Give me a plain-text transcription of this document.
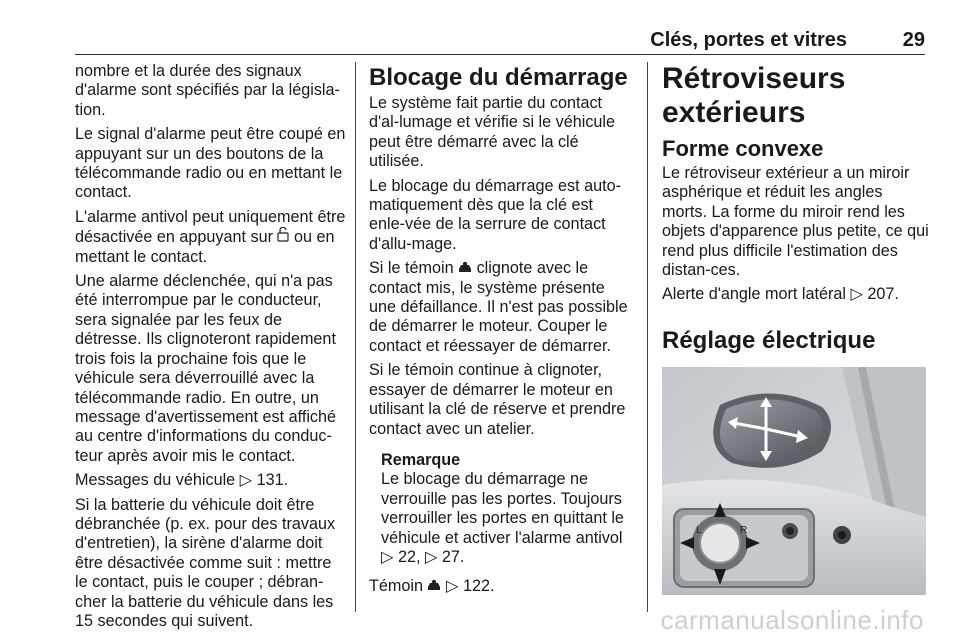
Clés, portes et vitres	29

nombre et la durée des signaux d'alarme sont spécifiés par la législa-tion.

Le signal d'alarme peut être coupé en appuyant sur un des boutons de la télécommande radio ou en mettant le contact.

L'alarme antivol peut uniquement être désactivée en appuyant sur  ou en mettant le contact.

Une alarme déclenchée, qui n'a pas été interrompue par le conducteur, sera signalée par les feux de détresse. Ils clignoteront rapidement trois fois la prochaine fois que le véhicule sera déverrouillé avec la télécommande radio. En outre, un message d'avertissement est affiché au centre d'informations du conduc-teur après avoir mis le contact.

Messages du véhicule ▷ 131.

Si la batterie du véhicule doit être débranchée (p. ex. pour des travaux d'entretien), la sirène d'alarme doit être désactivée comme suit : mettre le contact, puis le couper ; débran-cher la batterie du véhicule dans les 15 secondes qui suivent.

Blocage du démarrage

Le système fait partie du contact d'al-lumage et vérifie si le véhicule peut être démarré avec la clé utilisée.

Le blocage du démarrage est auto-matiquement dès que la clé est enle-vée de la serrure de contact d'allu-mage.

Si le témoin  clignote avec le contact mis, le système présente une défaillance. Il n'est pas possible de démarrer le moteur. Couper le contact et réessayer de démarrer.

Si le témoin continue à clignoter, essayer de démarrer le moteur en utilisant la clé de réserve et prendre contact avec un atelier.

Remarque
Le blocage du démarrage ne verrouille pas les portes. Toujours verrouiller les portes en quittant le véhicule et activer l'alarme antivol ▷ 22, ▷ 27.

Témoin  ▷ 122.

Rétroviseurs extérieurs
Forme convexe

Le rétroviseur extérieur a un miroir asphérique et réduit les angles morts. La forme du miroir rend les objets d'apparence plus petite, ce qui rend plus difficile l'estimation des distan-ces.

Alerte d'angle mort latéral ▷ 207.

Réglage électrique
L	R
carmanualsonline.info
